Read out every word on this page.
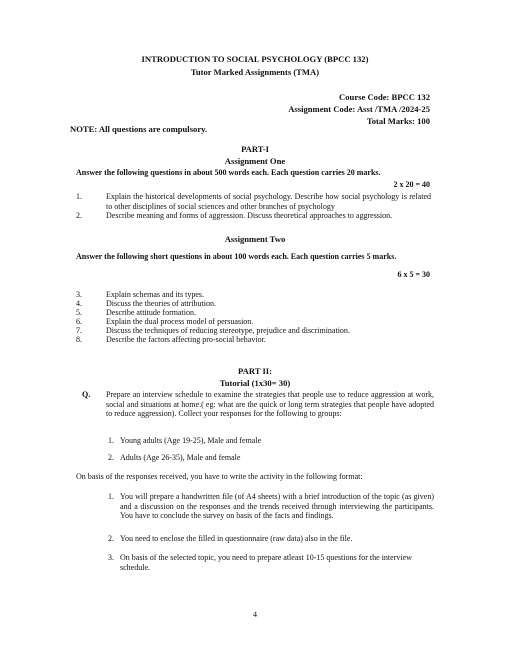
INTRODUCTION TO SOCIAL PSYCHOLOGY (BPCC 132)
Tutor Marked Assignments (TMA)
Course Code: BPCC 132
Assignment Code: Asst /TMA /2024-25
Total Marks: 100
NOTE: All questions are compulsory.
PART-I
Assignment One
Answer the following questions in about 500 words each. Each question carries 20 marks.
2 x 20 = 40
1.	Explain the historical developments of social psychology. Describe how social psychology is related to other disciplines of social sciences and other branches of psychology
2.	Describe meaning and forms of aggression. Discuss theoretical approaches to aggression.
Assignment Two
Answer the following short questions in about 100 words each. Each question carries 5 marks.
6 x 5 = 30
3.	Explain schemas and its types.
4.	Discuss the theories of attribution.
5.	Describe attitude formation.
6.	Explain the dual process model of persuasion.
7.	Discuss the techniques of reducing stereotype, prejudice and discrimination.
8.	Describe the factors affecting pro-social behavior.
PART II:
Tutorial (1x30= 30)
Q. Prepare an interview schedule to examine the strategies that people use to reduce aggression at work, social and situations at home.( eg: what are the quick or long term strategies that people have adopted to reduce aggression). Collect your responses for the following to groups:
1. Young adults (Age 19-25), Male and female
2. Adults (Age 26-35), Male and female
On basis of the responses received, you have to write the activity in the following format:
1. You will prepare a handwritten file (of A4 sheets) with a brief introduction of the topic (as given) and a discussion on the responses and the trends received through interviewing the participants. You have to conclude the survey on basis of the facts and findings.
2. You need to enclose the filled in questionnaire (raw data) also in the file.
3. On basis of the selected topic, you need to prepare atleast 10-15 questions for the interview schedule.
4
